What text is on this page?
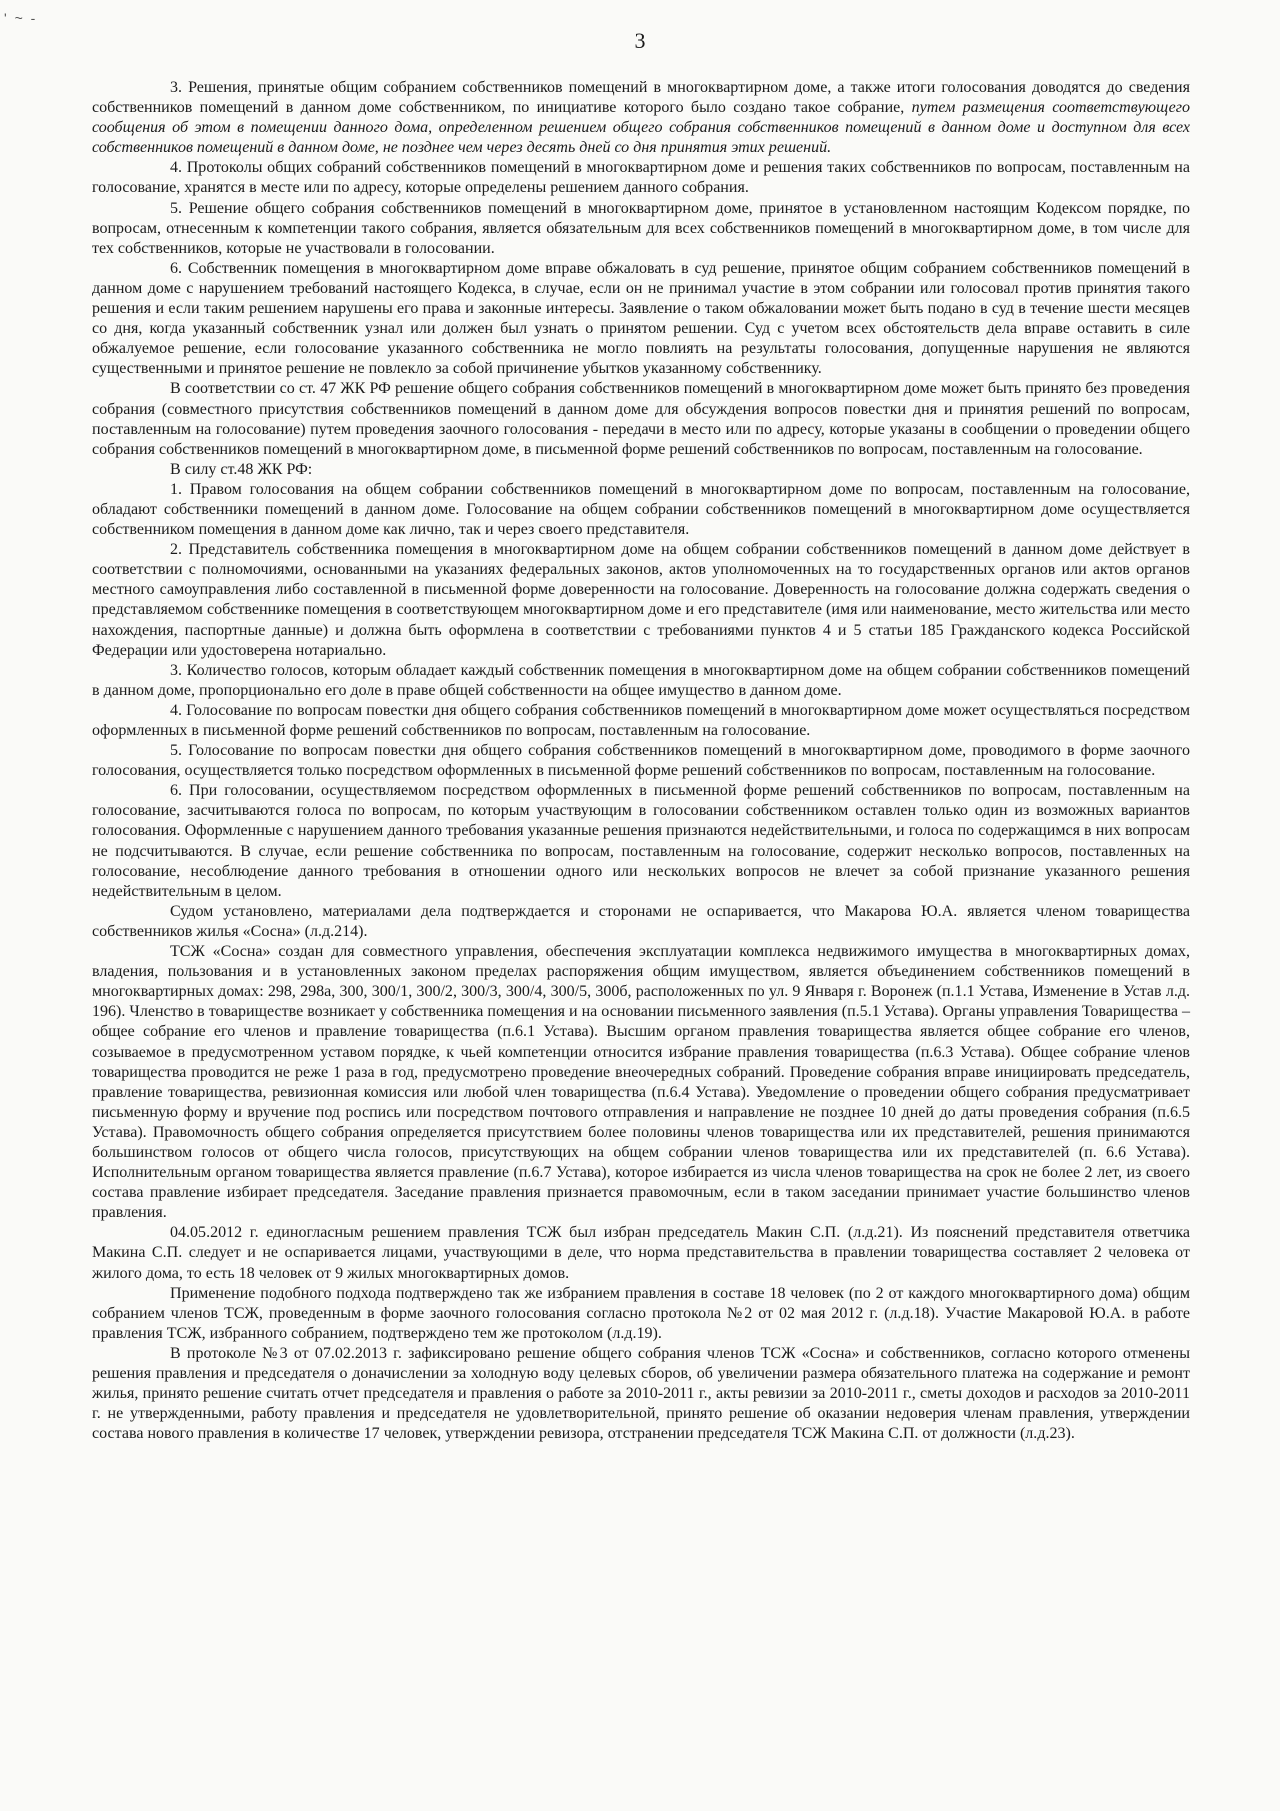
' ~ -
3

3. Решения, принятые общим собранием собственников помещений в многоквартирном доме, а также итоги голосования доводятся до сведения собственников помещений в данном доме собственником, по инициативе которого было создано такое собрание, путем размещения соответствующего сообщения об этом в помещении данного дома, определенном решением общего собрания собственников помещений в данном доме и доступном для всех собственников помещений в данном доме, не позднее чем через десять дней со дня принятия этих решений.

4. Протоколы общих собраний собственников помещений в многоквартирном доме и решения таких собственников по вопросам, поставленным на голосование, хранятся в месте или по адресу, которые определены решением данного собрания.

5. Решение общего собрания собственников помещений в многоквартирном доме, принятое в установленном настоящим Кодексом порядке, по вопросам, отнесенным к компетенции такого собрания, является обязательным для всех собственников помещений в многоквартирном доме, в том числе для тех собственников, которые не участвовали в голосовании.

6. Собственник помещения в многоквартирном доме вправе обжаловать в суд решение, принятое общим собранием собственников помещений в данном доме с нарушением требований настоящего Кодекса, в случае, если он не принимал участие в этом собрании или голосовал против принятия такого решения и если таким решением нарушены его права и законные интересы. Заявление о таком обжаловании может быть подано в суд в течение шести месяцев со дня, когда указанный собственник узнал или должен был узнать о принятом решении. Суд с учетом всех обстоятельств дела вправе оставить в силе обжалуемое решение, если голосование указанного собственника не могло повлиять на результаты голосования, допущенные нарушения не являются существенными и принятое решение не повлекло за собой причинение убытков указанному собственнику.

В соответствии со ст. 47 ЖК РФ решение общего собрания собственников помещений в многоквартирном доме может быть принято без проведения собрания (совместного присутствия собственников помещений в данном доме для обсуждения вопросов повестки дня и принятия решений по вопросам, поставленным на голосование) путем проведения заочного голосования - передачи в место или по адресу, которые указаны в сообщении о проведении общего собрания собственников помещений в многоквартирном доме, в письменной форме решений собственников по вопросам, поставленным на голосование.

В силу ст.48 ЖК РФ:

1. Правом голосования на общем собрании собственников помещений в многоквартирном доме по вопросам, поставленным на голосование, обладают собственники помещений в данном доме. Голосование на общем собрании собственников помещений в многоквартирном доме осуществляется собственником помещения в данном доме как лично, так и через своего представителя.

2. Представитель собственника помещения в многоквартирном доме на общем собрании собственников помещений в данном доме действует в соответствии с полномочиями, основанными на указаниях федеральных законов, актов уполномоченных на то государственных органов или актов органов местного самоуправления либо составленной в письменной форме доверенности на голосование. Доверенность на голосование должна содержать сведения о представляемом собственнике помещения в соответствующем многоквартирном доме и его представителе (имя или наименование, место жительства или место нахождения, паспортные данные) и должна быть оформлена в соответствии с требованиями пунктов 4 и 5 статьи 185 Гражданского кодекса Российской Федерации или удостоверена нотариально.

3. Количество голосов, которым обладает каждый собственник помещения в многоквартирном доме на общем собрании собственников помещений в данном доме, пропорционально его доле в праве общей собственности на общее имущество в данном доме.

4. Голосование по вопросам повестки дня общего собрания собственников помещений в многоквартирном доме может осуществляться посредством оформленных в письменной форме решений собственников по вопросам, поставленным на голосование.

5. Голосование по вопросам повестки дня общего собрания собственников помещений в многоквартирном доме, проводимого в форме заочного голосования, осуществляется только посредством оформленных в письменной форме решений собственников по вопросам, поставленным на голосование.

6. При голосовании, осуществляемом посредством оформленных в письменной форме решений собственников по вопросам, поставленным на голосование, засчитываются голоса по вопросам, по которым участвующим в голосовании собственником оставлен только один из возможных вариантов голосования. Оформленные с нарушением данного требования указанные решения признаются недействительными, и голоса по содержащимся в них вопросам не подсчитываются. В случае, если решение собственника по вопросам, поставленным на голосование, содержит несколько вопросов, поставленных на голосование, несоблюдение данного требования в отношении одного или нескольких вопросов не влечет за собой признание указанного решения недействительным в целом.

Судом установлено, материалами дела подтверждается и сторонами не оспаривается, что Макарова Ю.А. является членом товарищества собственников жилья «Сосна» (л.д.214).

ТСЖ «Сосна» создан для совместного управления, обеспечения эксплуатации комплекса недвижимого имущества в многоквартирных домах, владения, пользования и в установленных законом пределах распоряжения общим имуществом, является объединением собственников помещений в многоквартирных домах: 298, 298а, 300, 300/1, 300/2, 300/3, 300/4, 300/5, 300б, расположенных по ул. 9 Января г. Воронеж (п.1.1 Устава, Изменение в Устав л.д. 196). Членство в товариществе возникает у собственника помещения и на основании письменного заявления (п.5.1 Устава). Органы управления Товарищества – общее собрание его членов и правление товарищества (п.6.1 Устава). Высшим органом правления товарищества является общее собрание его членов, созываемое в предусмотренном уставом порядке, к чьей компетенции относится избрание правления товарищества (п.6.3 Устава). Общее собрание членов товарищества проводится не реже 1 раза в год, предусмотрено проведение внеочередных собраний. Проведение собрания вправе инициировать председатель, правление товарищества, ревизионная комиссия или любой член товарищества (п.6.4 Устава). Уведомление о проведении общего собрания предусматривает письменную форму и вручение под роспись или посредством почтового отправления и направление не позднее 10 дней до даты проведения собрания (п.6.5 Устава). Правомочность общего собрания определяется присутствием более половины членов товарищества или их представителей, решения принимаются большинством голосов от общего числа голосов, присутствующих на общем собрании членов товарищества или их представителей (п. 6.6 Устава). Исполнительным органом товарищества является правление (п.6.7 Устава), которое избирается из числа членов товарищества на срок не более 2 лет, из своего состава правление избирает председателя. Заседание правления признается правомочным, если в таком заседании принимает участие большинство членов правления.

04.05.2012 г. единогласным решением правления ТСЖ был избран председатель Макин С.П. (л.д.21). Из пояснений представителя ответчика Макина С.П. следует и не оспаривается лицами, участвующими в деле, что норма представительства в правлении товарищества составляет 2 человека от жилого дома, то есть 18 человек от 9 жилых многоквартирных домов.

Применение подобного подхода подтверждено так же избранием правления в составе 18 человек (по 2 от каждого многоквартирного дома) общим собранием членов ТСЖ, проведенным в форме заочного голосования согласно протокола №2 от 02 мая 2012 г. (л.д.18). Участие Макаровой Ю.А. в работе правления ТСЖ, избранного собранием, подтверждено тем же протоколом (л.д.19).

В протоколе №3 от 07.02.2013 г. зафиксировано решение общего собрания членов ТСЖ «Сосна» и собственников, согласно которого отменены решения правления и председателя о доначислении за холодную воду целевых сборов, об увеличении размера обязательного платежа на содержание и ремонт жилья, принято решение считать отчет председателя и правления о работе за 2010-2011 г., акты ревизии за 2010-2011 г., сметы доходов и расходов за 2010-2011 г. не утвержденными, работу правления и председателя не удовлетворительной, принято решение об оказании недоверия членам правления, утверждении состава нового правления в количестве 17 человек, утверждении ревизора, отстранении председателя ТСЖ Макина С.П. от должности (л.д.23).
